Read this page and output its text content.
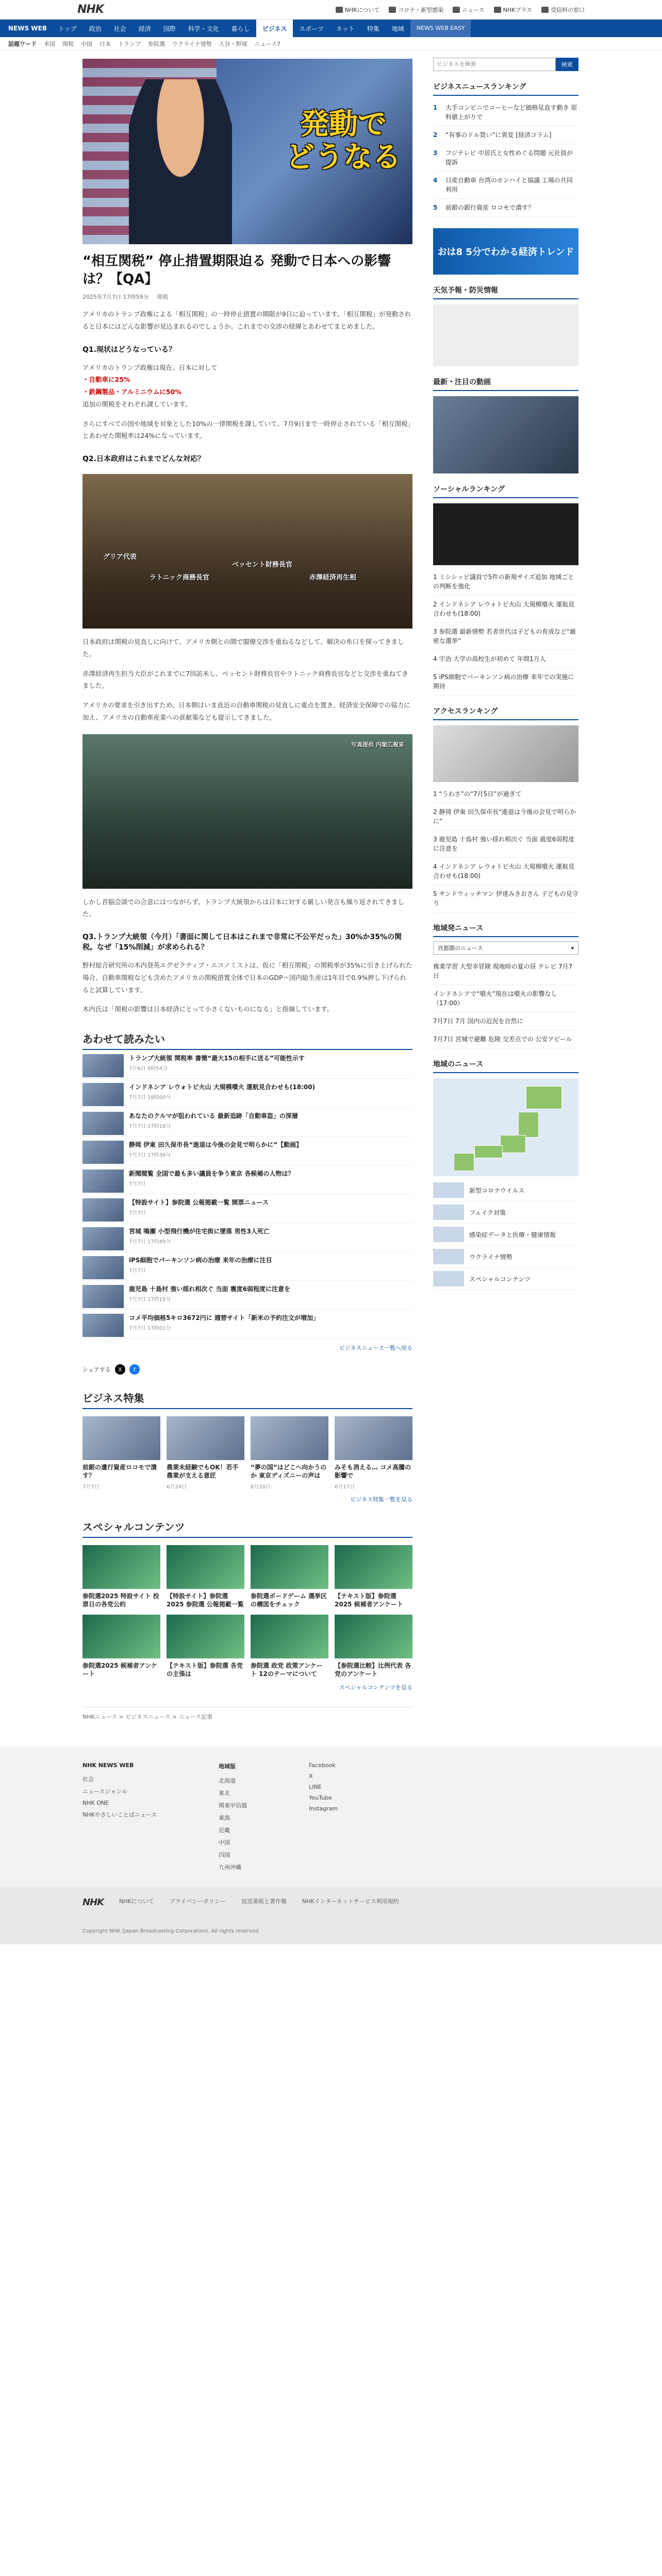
NHK	NHKについて	コロナ・新型感染	ニュース	NHKプラス	受信料の窓口
NEWS WEB	トップ	政治	社会	経済	国際	科学・文化	暮らし	ビジネス	スポーツ	ネット	特集	地域	NEWS WEB EASY
話題ワード 米国 関税 中国 日本 トランプ 参院選 ウクライナ情勢 大谷・野球 ニュース7
発動で
どうなる
“相互関税” 停止措置期限迫る 発動で日本への影響は？【QA】
2025年7月7日 17時59分 関税

アメリカのトランプ政権による「相互関税」の一時停止措置の期限が9日に迫っています。「相互関税」が発動されると日本にはどんな影響が見込まれるのでしょうか。これまでの交渉の経緯とあわせてまとめました。

Q1.現状はどうなっている？

アメリカのトランプ政権は現在、日本に対して
・自動車に25%
・鉄鋼製品・アルミニウムに50%
追加の関税をそれぞれ課しています。

さらにすべての国や地域を対象とした10%の一律関税を課していて、7月9日まで一時停止されている「相互関税」とあわせた関税率は24%になっています。

Q2.日本政府はこれまでどんな対応？
グリア代表
ラトニック商務長官
ベッセント財務長官
赤澤経済再生相

日本政府は関税の見直しに向けて、アメリカ側との間で閣僚交渉を重ねるなどして、解決の糸口を探ってきました。

赤澤経済再生担当大臣がこれまでに7回訪米し、ベッセント財務長官やラトニック商務長官などと交渉を重ねてきました。

アメリカの要求を引き出すため、日本側はいま直近の自動車関税の見直しに重点を置き、経済安全保障での協力に加え、アメリカの自動車産業への貢献策なども提示してきました。

写真提供 内閣広報室

しかし首脳会談での合意にはつながらず、トランプ大統領からは日本に対する厳しい発言も繰り返されてきました。

Q3.トランプ大統領（今月）「書面に関して日本はこれまで非常に不公平だった」30%か35%の関税。なぜ「15%削減」が求められる？

野村総合研究所の木内登英エグゼクティブ・エコノミストは、仮に「相互関税」の関税率が35%に引き上げられた場合、自動車関税なども含めたアメリカの関税措置全体で日本のGDP＝国内総生産は1年目で0.9%押し下げられると試算しています。

木内氏は「関税の影響は日本経済にとって小さくないものになる」と指摘しています。

あわせて読みたい
トランプ大統領 関税率 書簡“最大15の相手に送る”可能性示す
7月6日 9時54分
インドネシア レウォトビ火山 大規模噴火 運航見合わせも(18:00)
7月7日 18時00分
あなたのクルマが狙われている 最新追跡「自動車盗」の深層
7月7日 17時16分
静岡 伊東 田久保市長“進退は今後の会見で明らかに”【動画】
7月7日 17時36分
新聞閲覧 全国で最も多い議員を争う東京 各候補の人物は？
7月7日
【特設サイト】参院選 公報掲載一覧 開票ニュース
7月7日
宮城 鳴瀬 小型飛行機が住宅街に墜落 男性3人死亡
7月7日 17時49分
iPS細胞でパーキンソン病の治療 来年の治療に注目
7月7日
鹿児島 十島村 強い揺れ相次ぐ 当面 震度6弱程度に注意を
7月7日 17時15分
コメ平均価格5キロ3672円に 週替サイト「新米の予約注文が増加」
7月7日 17時01分
ビジネスニュース一覧へ戻る
シェアする	X	f
ビジネス特集
前銀の遺行資産ロコモで潰す？
7月7日
農業未経験でもOK！若手農業が支える意匠
6月24日
“夢の国”はどこへ向かうのか 東京ディズニーの声は
6月20日
みそも消える… コメ高騰の影響で
6月17日
ビジネス特集一覧を見る
スペシャルコンテンツ
参院選2025 特設サイト 投票日の各党公約
【特設サイト】参院選2025 参院選 公報掲載一覧
参院選ボードゲーム 選挙区の構図をチェック
【テキスト版】参院選2025 候補者アンケート
参院選2025 候補者アンケート
【テキスト版】参院選 各党の主張は
参院選 政党 政策アンケート 12のテーマについて
【参院選比較】比例代表 各党のアンケート
スペシャルコンテンツを見る
NHKニュース > ビジネスニュース > ニュース記事
ビジネスを検索
検索
ビジネスニュースランキング
1	大手コンビニでコーヒーなど価格見直す動き 原料値上がりで
2	“有事のドル買い”に異変 [経済コラム]
3	フジテレビ 中居氏と女性めぐる問題 元社員が提訴
4	日産自動車 台湾のホンハイと協議 工場の共同利用
5	前銀の銀行資産 ロコモで潰す？
おは8 5分でわかる経済トレンド
天気予報・防災情報
最新・注目の動画
ソーシャルランキング
1 ミシシッピ議員で5件の新規サイズ追加 地域ごとの判断を強化
2 インドネシア レウォトビ火山 大規模噴火 運航見合わせも(18:00)
3 参院選 最新情勢 若者世代は子どもの育成など“厳密な選挙”
4 宇治 大学の高校生が初めて 年間1万人
5 iPS細胞でパーキンソン病の治療 来年での実施に期待
アクセスランキング
1 “うわさ”の“7月5日”が過ぎて
2 静岡 伊東 田久保市長“進退は今後の会見で明らかに”
3 鹿児島 十島村 強い揺れ相次ぐ 当面 震度6弱程度に注意を
4 インドネシア レウォトビ火山 大規模噴火 運航見合わせも(18:00)
5 サンドウィッチマン 伊達みきおさん 子どもの見守り
地域発ニュース
首都圏のニュース	▾
複業学習 大型幸冒険 現地時の夏の昼 テレビ 7月7日
インドネシアで“噴火”現在は噴火の影響なし（17:00）
7月7日 7月 国内の近況を自然に
7月7日 宮城で避難 危険 交差点での 公安アピール
地域のニュース
新型コロナウイルス
フェイク対策
感染症データと医療・健康情報
ウクライナ情勢
スペシャルコンテンツ
NHK NEWS WEB
社会
ニュースジャンル
NHK ONE
NHKやさしいことばニュース
地域版
北海道
東北
関東甲信越
東海
近畿
中国
四国
九州沖縄
Facebook
X
LINE
YouTube
Instagram
NHK	NHKについて	プライバシーポリシー	放送番組と著作権	NHKインターネットサービス利用規約
Copyright NHK (Japan Broadcasting Corporation). All rights reserved.
